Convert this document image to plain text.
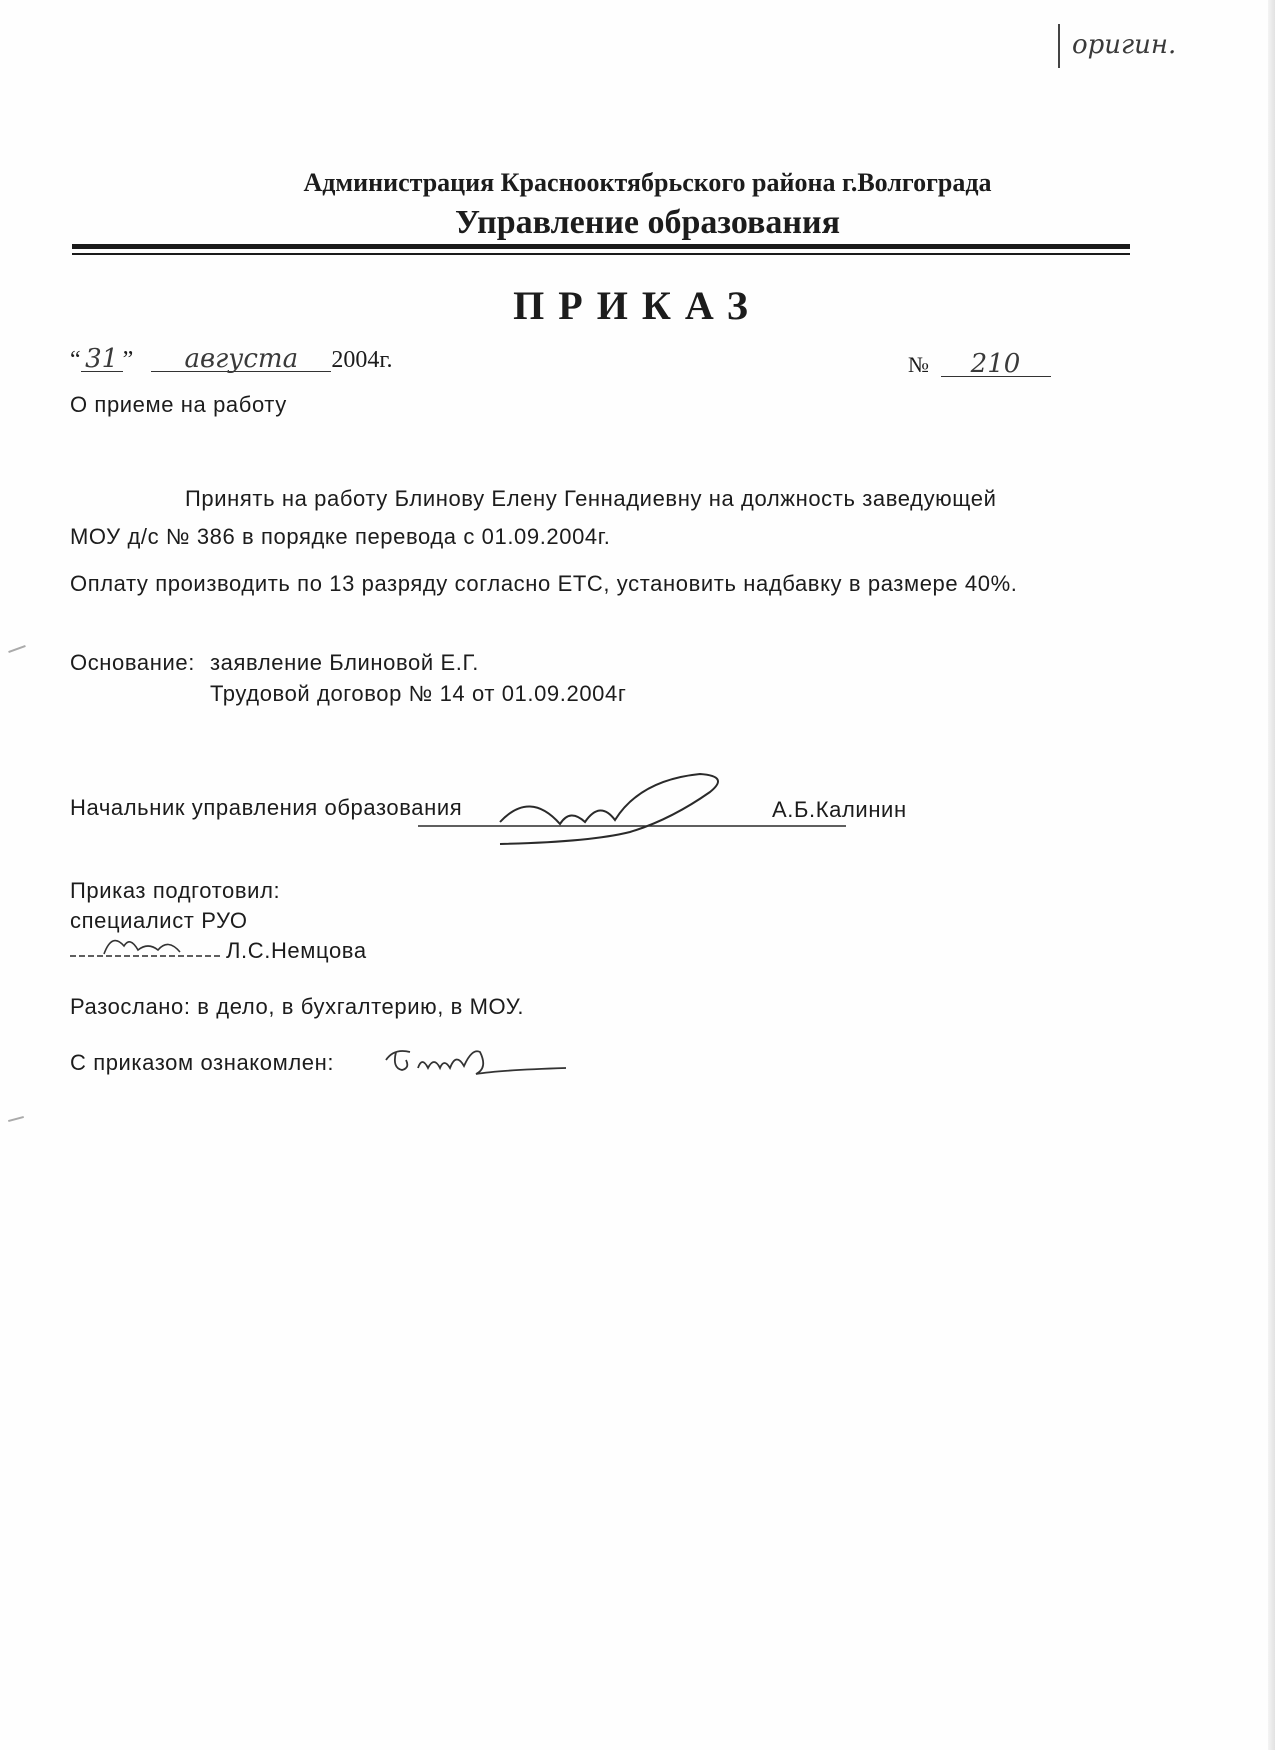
оригин.
Администрация Краснооктябрьского района г.Волгограда
Управление образования
ПРИКАЗ
“ 31 ” августа 2004г.	№ 210
О приеме на работу
Принять на работу Блинову Елену Геннадиевну на должность заведующей
МОУ д/с № 386 в порядке перевода с 01.09.2004г.
Оплату производить по 13 разряду согласно ЕТС, установить надбавку в размере 40%.
Основание: заявление Блиновой Е.Г.
Трудовой договор № 14 от 01.09.2004г
Начальник управления образования	А.Б.Калинин
Приказ подготовил:
специалист РУО
Л.С.Немцова
Разослано: в дело, в бухгалтерию, в МОУ.
С приказом ознакомлен:
